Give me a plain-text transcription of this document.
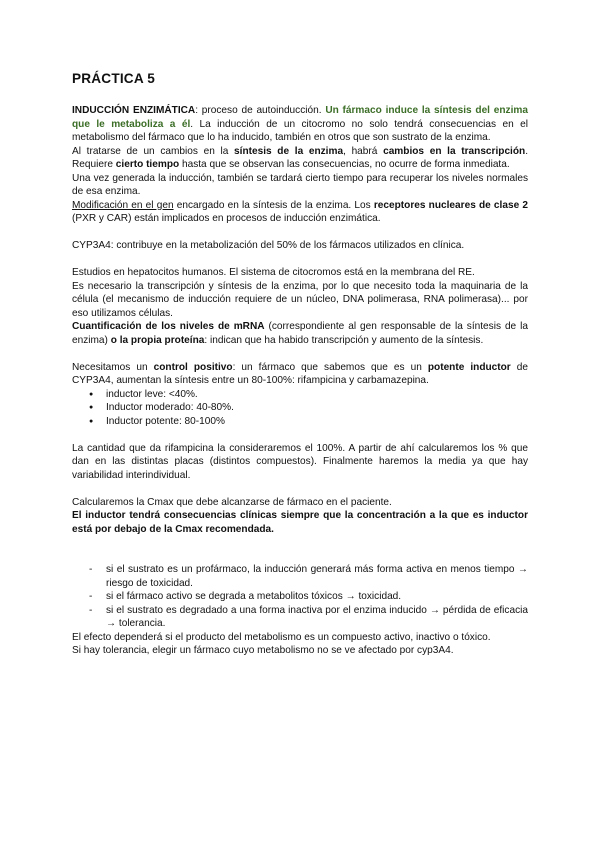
PRÁCTICA 5

INDUCCIÓN ENZIMÁTICA: proceso de autoinducción. Un fármaco induce la síntesis del enzima que le metaboliza a él. La inducción de un citocromo no solo tendrá consecuencias en el metabolismo del fármaco que lo ha inducido, también en otros que son sustrato de la enzima.

Al tratarse de un cambios en la síntesis de la enzima, habrá cambios en la transcripción. Requiere cierto tiempo hasta que se observan las consecuencias, no ocurre de forma inmediata.

Una vez generada la inducción, también se tardará cierto tiempo para recuperar los niveles normales de esa enzima.

Modificación en el gen encargado en la síntesis de la enzima. Los receptores nucleares de clase 2 (PXR y CAR) están implicados en procesos de inducción enzimática.

CYP3A4: contribuye en la metabolización del 50% de los fármacos utilizados en clínica.

Estudios en hepatocitos humanos. El sistema de citocromos está en la membrana del RE.

Es necesario la transcripción y síntesis de la enzima, por lo que necesito toda la maquinaria de la célula (el mecanismo de inducción requiere de un núcleo, DNA polimerasa, RNA polimerasa)... por eso utilizamos células.

Cuantificación de los niveles de mRNA (correspondiente al gen responsable de la síntesis de la enzima) o la propia proteína: indican que ha habido transcripción y aumento de la síntesis.

Necesitamos un control positivo: un fármaco que sabemos que es un potente inductor de CYP3A4, aumentan la síntesis entre un 80-100%: rifampicina y carbamazepina.

● inductor leve: <40%.
● Inductor moderado: 40-80%.
● Inductor potente: 80-100%

La cantidad que da rifampicina la consideraremos el 100%. A partir de ahí calcularemos los % que dan en las distintas placas (distintos compuestos). Finalmente haremos la media ya que hay variabilidad interindividual.

Calcularemos la Cmax que debe alcanzarse de fármaco en el paciente.

El inductor tendrá consecuencias clínicas siempre que la concentración a la que es inductor está por debajo de la Cmax recomendada.

- si el sustrato es un profármaco, la inducción generará más forma activa en menos tiempo → riesgo de toxicidad.
- si el fármaco activo se degrada a metabolitos tóxicos → toxicidad.
- si el sustrato es degradado a una forma inactiva por el enzima inducido → pérdida de eficacia → tolerancia.

El efecto dependerá si el producto del metabolismo es un compuesto activo, inactivo o tóxico.

Si hay tolerancia, elegir un fármaco cuyo metabolismo no se ve afectado por cyp3A4.
